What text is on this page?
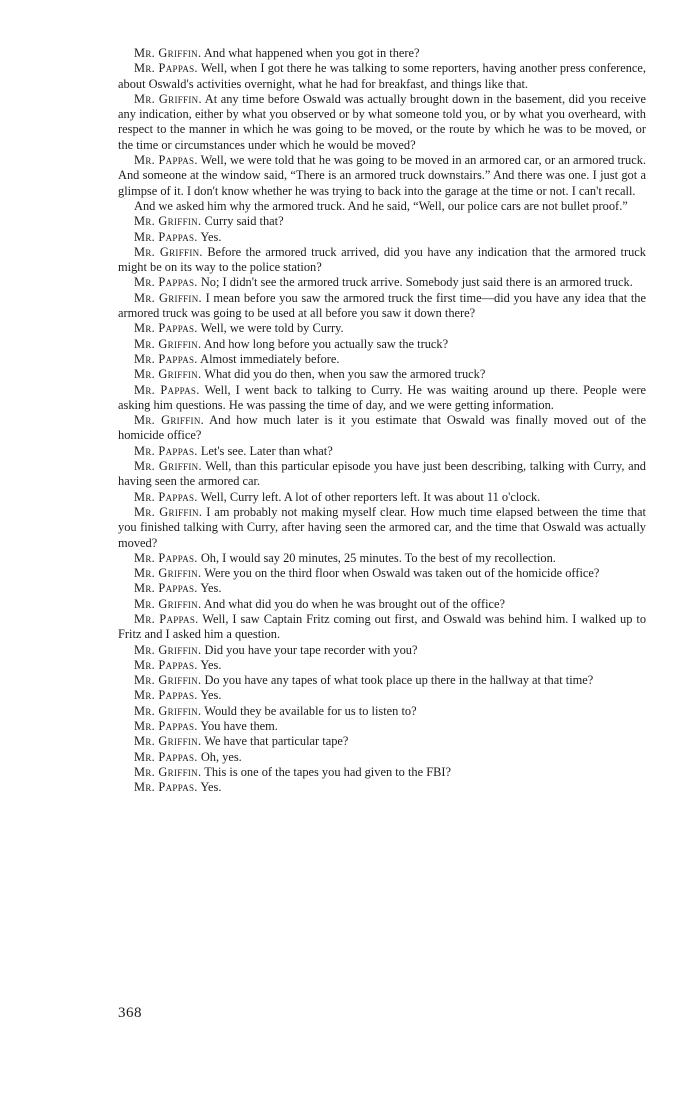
Mr. Griffin. And what happened when you got in there?

Mr. Pappas. Well, when I got there he was talking to some reporters, having another press conference, about Oswald's activities overnight, what he had for breakfast, and things like that.

Mr. Griffin. At any time before Oswald was actually brought down in the basement, did you receive any indication, either by what you observed or by what someone told you, or by what you overheard, with respect to the manner in which he was going to be moved, or the route by which he was to be moved, or the time or circumstances under which he would be moved?

Mr. Pappas. Well, we were told that he was going to be moved in an armored car, or an armored truck. And someone at the window said, “There is an armored truck downstairs.” And there was one. I just got a glimpse of it. I don't know whether he was trying to back into the garage at the time or not. I can't recall.

And we asked him why the armored truck. And he said, “Well, our police cars are not bullet proof.”

Mr. Griffin. Curry said that?

Mr. Pappas. Yes.

Mr. Griffin. Before the armored truck arrived, did you have any indication that the armored truck might be on its way to the police station?

Mr. Pappas. No; I didn't see the armored truck arrive. Somebody just said there is an armored truck.

Mr. Griffin. I mean before you saw the armored truck the first time—did you have any idea that the armored truck was going to be used at all before you saw it down there?

Mr. Pappas. Well, we were told by Curry.

Mr. Griffin. And how long before you actually saw the truck?

Mr. Pappas. Almost immediately before.

Mr. Griffin. What did you do then, when you saw the armored truck?

Mr. Pappas. Well, I went back to talking to Curry. He was waiting around up there. People were asking him questions. He was passing the time of day, and we were getting information.

Mr. Griffin. And how much later is it you estimate that Oswald was finally moved out of the homicide office?

Mr. Pappas. Let's see. Later than what?

Mr. Griffin. Well, than this particular episode you have just been describing, talking with Curry, and having seen the armored car.

Mr. Pappas. Well, Curry left. A lot of other reporters left. It was about 11 o'clock.

Mr. Griffin. I am probably not making myself clear. How much time elapsed between the time that you finished talking with Curry, after having seen the armored car, and the time that Oswald was actually moved?

Mr. Pappas. Oh, I would say 20 minutes, 25 minutes. To the best of my recollection.

Mr. Griffin. Were you on the third floor when Oswald was taken out of the homicide office?

Mr. Pappas. Yes.

Mr. Griffin. And what did you do when he was brought out of the office?

Mr. Pappas. Well, I saw Captain Fritz coming out first, and Oswald was behind him. I walked up to Fritz and I asked him a question.

Mr. Griffin. Did you have your tape recorder with you?

Mr. Pappas. Yes.

Mr. Griffin. Do you have any tapes of what took place up there in the hallway at that time?

Mr. Pappas. Yes.

Mr. Griffin. Would they be available for us to listen to?

Mr. Pappas. You have them.

Mr. Griffin. We have that particular tape?

Mr. Pappas. Oh, yes.

Mr. Griffin. This is one of the tapes you had given to the FBI?

Mr. Pappas. Yes.

368
